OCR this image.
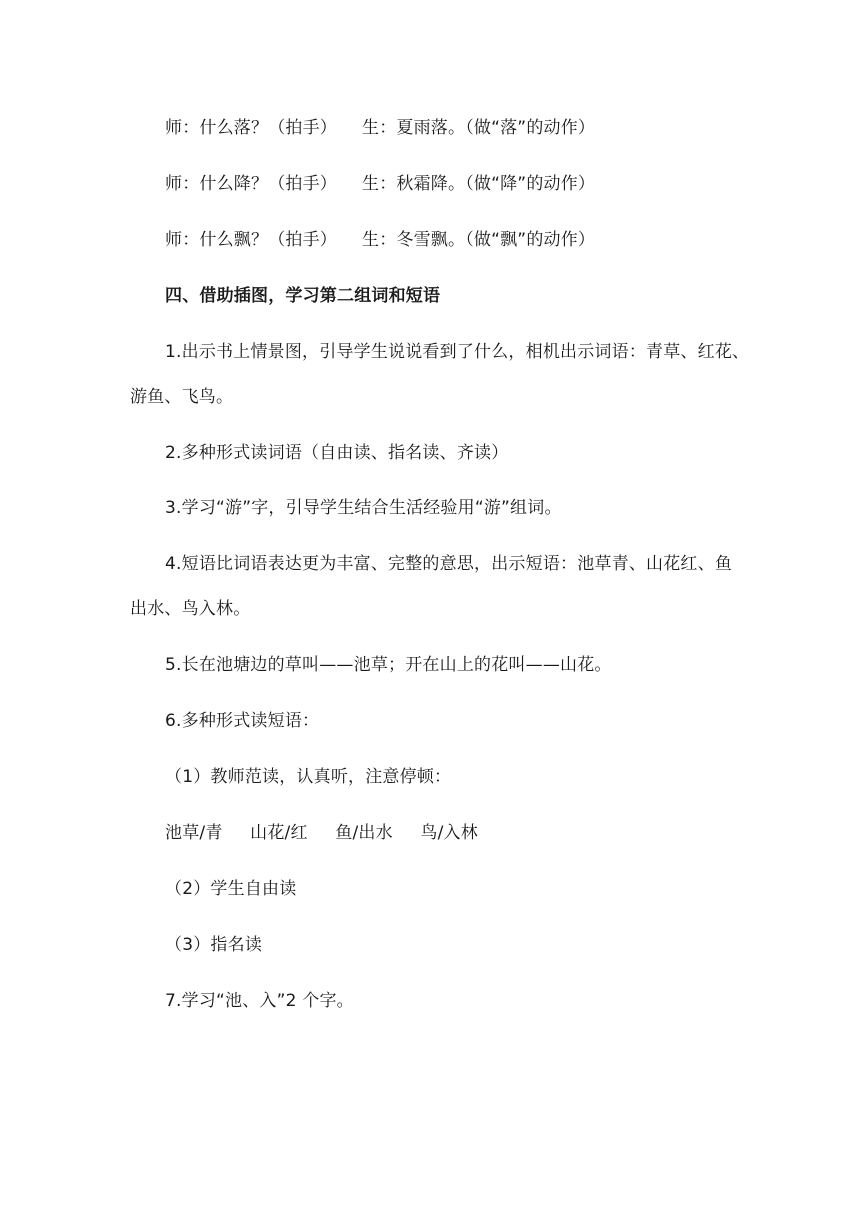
师：什么落？（拍手） 生：夏雨落。（做“落”的动作）
师：什么降？（拍手） 生：秋霜降。（做“降”的动作）
师：什么飘？（拍手） 生：冬雪飘。（做“飘”的动作）
四、借助插图，学习第二组词和短语
1.出示书上情景图，引导学生说说看到了什么，相机出示词语：青草、红花、
游鱼、飞鸟。
2.多种形式读词语（自由读、指名读、齐读）
3.学习“游”字，引导学生结合生活经验用“游”组词。
4.短语比词语表达更为丰富、完整的意思，出示短语：池草青、山花红、鱼
出水、鸟入林。
5.长在池塘边的草叫——池草；开在山上的花叫——山花。
6.多种形式读短语：
（1）教师范读，认真听，注意停顿：
池草/青 山花/红 鱼/出水 鸟/入林
（2）学生自由读
（3）指名读
7.学习“池、入”2 个字。
